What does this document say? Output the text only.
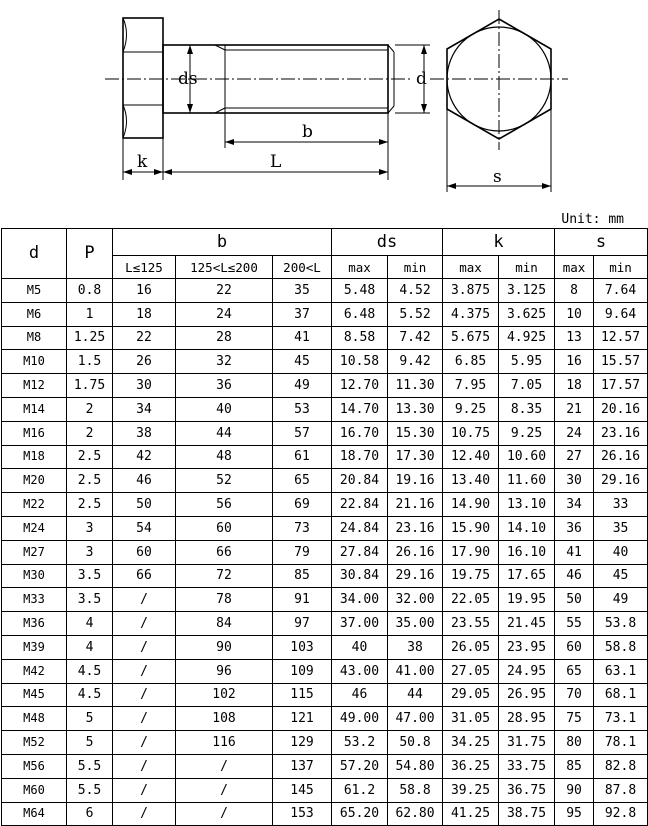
ds	d
b
k	L
s
Unit: mm
d	P	b			ds		k		s	
		L≤125	125<L≤200	200<L	max	min	max	min	max	min
M5	0.8	16	22	35	5.48	4.52	3.875	3.125	8	7.64
M6	1	18	24	37	6.48	5.52	4.375	3.625	10	9.64
M8	1.25	22	28	41	8.58	7.42	5.675	4.925	13	12.57
M10	1.5	26	32	45	10.58	9.42	6.85	5.95	16	15.57
M12	1.75	30	36	49	12.70	11.30	7.95	7.05	18	17.57
M14	2	34	40	53	14.70	13.30	9.25	8.35	21	20.16
M16	2	38	44	57	16.70	15.30	10.75	9.25	24	23.16
M18	2.5	42	48	61	18.70	17.30	12.40	10.60	27	26.16
M20	2.5	46	52	65	20.84	19.16	13.40	11.60	30	29.16
M22	2.5	50	56	69	22.84	21.16	14.90	13.10	34	33
M24	3	54	60	73	24.84	23.16	15.90	14.10	36	35
M27	3	60	66	79	27.84	26.16	17.90	16.10	41	40
M30	3.5	66	72	85	30.84	29.16	19.75	17.65	46	45
M33	3.5	/	78	91	34.00	32.00	22.05	19.95	50	49
M36	4	/	84	97	37.00	35.00	23.55	21.45	55	53.8
M39	4	/	90	103	40	38	26.05	23.95	60	58.8
M42	4.5	/	96	109	43.00	41.00	27.05	24.95	65	63.1
M45	4.5	/	102	115	46	44	29.05	26.95	70	68.1
M48	5	/	108	121	49.00	47.00	31.05	28.95	75	73.1
M52	5	/	116	129	53.2	50.8	34.25	31.75	80	78.1
M56	5.5	/	/	137	57.20	54.80	36.25	33.75	85	82.8
M60	5.5	/	/	145	61.2	58.8	39.25	36.75	90	87.8
M64	6	/	/	153	65.20	62.80	41.25	38.75	95	92.8
